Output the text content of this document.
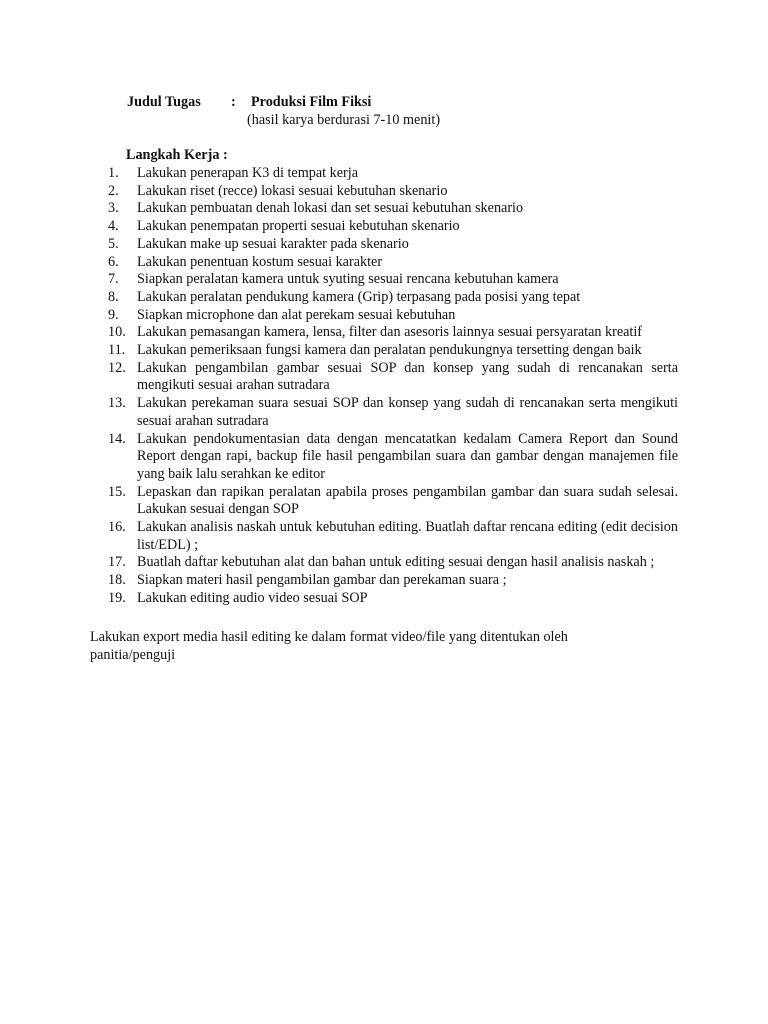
Judul Tugas : Produksi Film Fiksi
(hasil karya berdurasi 7-10 menit)
Langkah Kerja :
1.	Lakukan penerapan K3 di tempat kerja
2.	Lakukan riset (recce) lokasi sesuai kebutuhan skenario
3.	Lakukan pembuatan denah lokasi dan set sesuai kebutuhan skenario
4.	Lakukan penempatan properti sesuai kebutuhan skenario
5.	Lakukan make up sesuai karakter pada skenario
6.	Lakukan penentuan kostum sesuai karakter
7.	Siapkan peralatan kamera untuk syuting sesuai rencana kebutuhan kamera
8.	Lakukan peralatan pendukung kamera (Grip) terpasang pada posisi yang tepat
9.	Siapkan microphone dan alat perekam sesuai kebutuhan
10. Lakukan pemasangan kamera, lensa, filter dan asesoris lainnya sesuai persyaratan kreatif
11. Lakukan pemeriksaan fungsi kamera dan peralatan pendukungnya tersetting dengan baik
12. Lakukan pengambilan gambar sesuai SOP dan konsep yang sudah di rencanakan serta mengikuti sesuai arahan sutradara
13. Lakukan perekaman suara sesuai SOP dan konsep yang sudah di rencanakan serta mengikuti sesuai arahan sutradara
14. Lakukan pendokumentasian data dengan mencatatkan kedalam Camera Report dan Sound Report dengan rapi, backup file hasil pengambilan suara dan gambar dengan manajemen file yang baik lalu serahkan ke editor
15. Lepaskan dan rapikan peralatan apabila proses pengambilan gambar dan suara sudah selesai. Lakukan sesuai dengan SOP
16. Lakukan analisis naskah untuk kebutuhan editing. Buatlah daftar rencana editing (edit decision list/EDL) ;
17. Buatlah daftar kebutuhan alat dan bahan untuk editing sesuai dengan hasil analisis naskah ;
18. Siapkan materi hasil pengambilan gambar dan perekaman suara ;
19. Lakukan editing audio video sesuai SOP
Lakukan export media hasil editing ke dalam format video/file yang ditentukan oleh panitia/penguji
